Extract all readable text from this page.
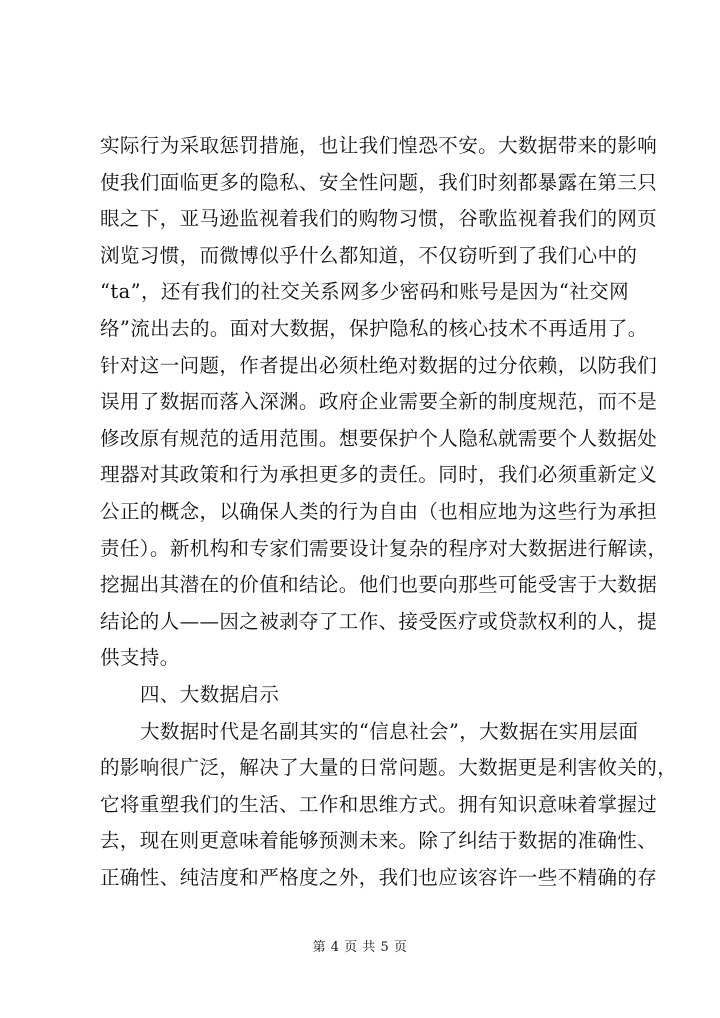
实际行为采取惩罚措施，也让我们惶恐不安。大数据带来的影响
使我们面临更多的隐私、安全性问题，我们时刻都暴露在第三只
眼之下，亚马逊监视着我们的购物习惯，谷歌监视着我们的网页
浏览习惯，而微博似乎什么都知道，不仅窃听到了我们心中的
“ta”，还有我们的社交关系网多少密码和账号是因为“社交网
络”流出去的。面对大数据，保护隐私的核心技术不再适用了。
针对这一问题，作者提出必须杜绝对数据的过分依赖，以防我们
误用了数据而落入深渊。政府企业需要全新的制度规范，而不是
修改原有规范的适用范围。想要保护个人隐私就需要个人数据处
理器对其政策和行为承担更多的责任。同时，我们必须重新定义
公正的概念，以确保人类的行为自由（也相应地为这些行为承担
责任）。新机构和专家们需要设计复杂的程序对大数据进行解读，
挖掘出其潜在的价值和结论。他们也要向那些可能受害于大数据
结论的人——因之被剥夺了工作、接受医疗或贷款权利的人，提
供支持。
四、大数据启示
大数据时代是名副其实的“信息社会”，大数据在实用层面
的影响很广泛，解决了大量的日常问题。大数据更是利害攸关的，
它将重塑我们的生活、工作和思维方式。拥有知识意味着掌握过
去，现在则更意味着能够预测未来。除了纠结于数据的准确性、
正确性、纯洁度和严格度之外，我们也应该容许一些不精确的存
第 4 页 共 5 页
